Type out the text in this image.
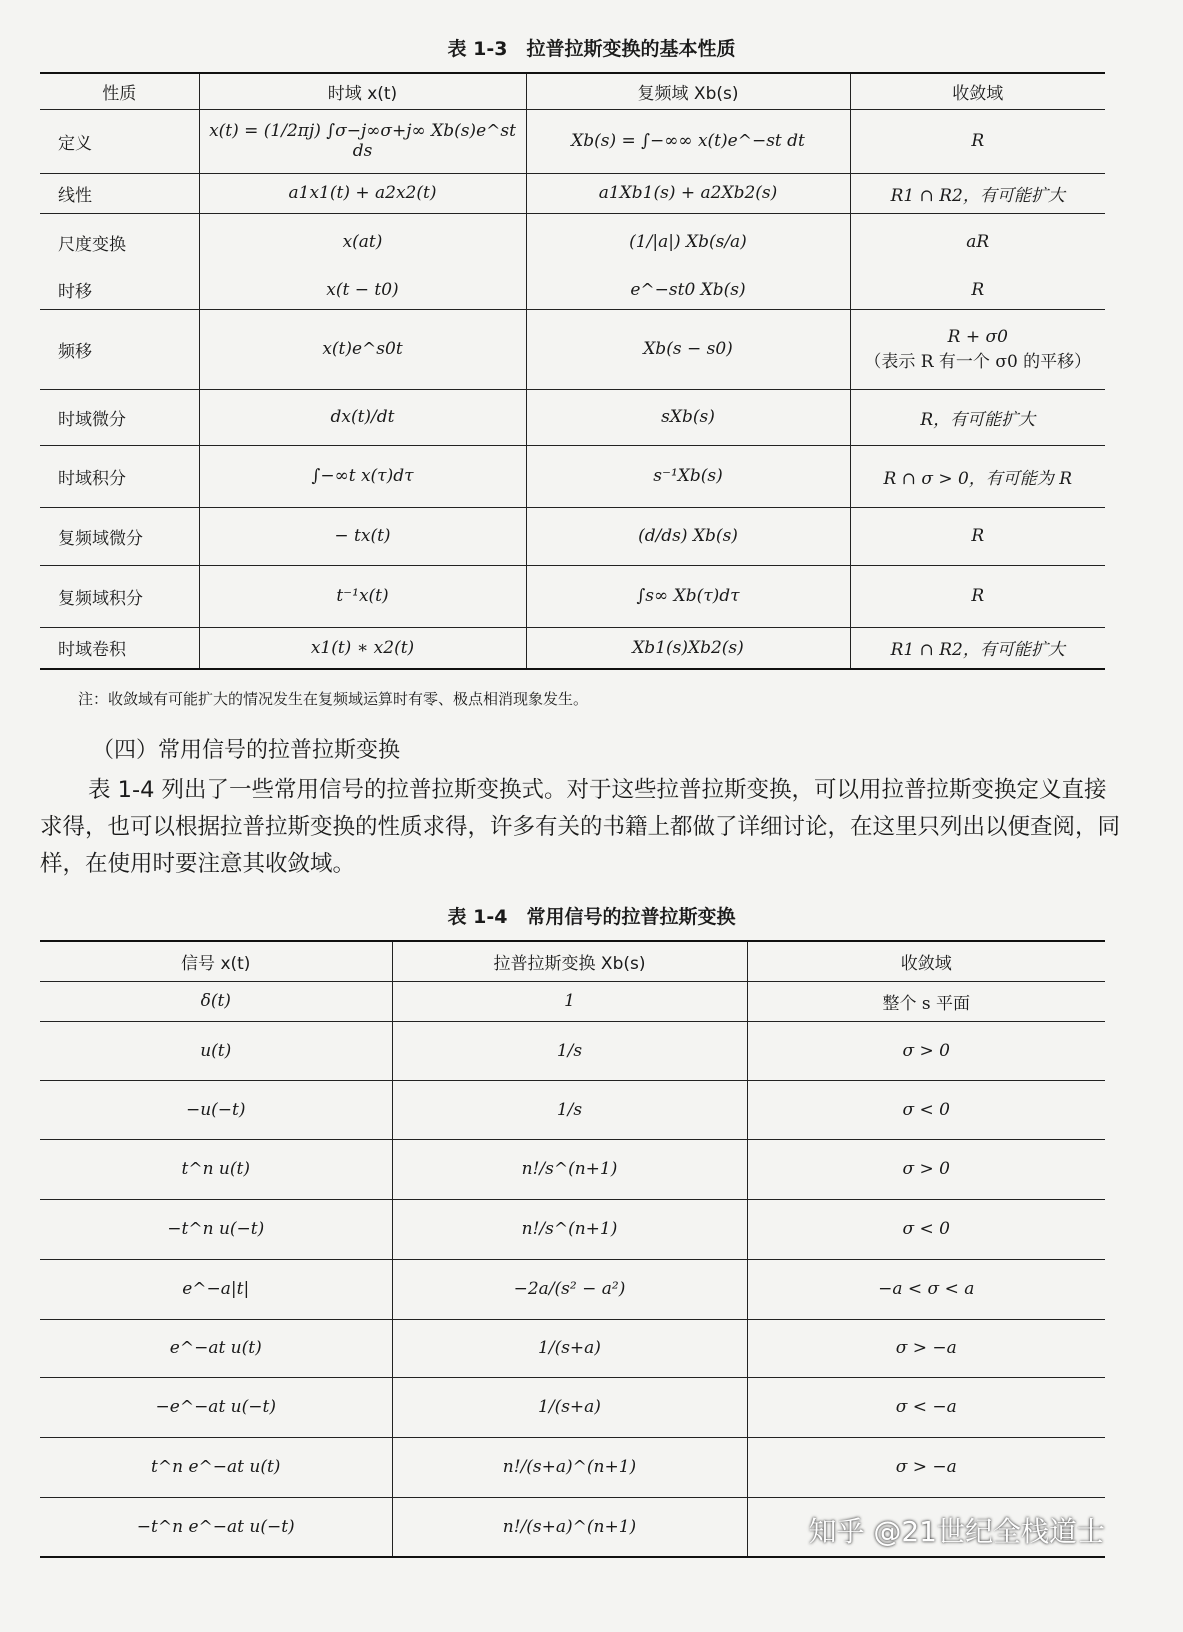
表 1-3　拉普拉斯变换的基本性质
性质	时域 x(t)	复频域 Xb(s)	收敛域
定义	x(t) = (1/2πj) ∫σ−j∞σ+j∞ Xb(s)e^st ds	Xb(s) = ∫−∞∞ x(t)e^−st dt	R
线性	a1x1(t) + a2x2(t)	a1Xb1(s) + a2Xb2(s)	R1 ∩ R2，有可能扩大
尺度变换	x(at)	(1/|a|) Xb(s/a)	aR
时移	x(t − t0)	e^−st0 Xb(s)	R
频移	x(t)e^s0t	Xb(s − s0)	R + σ0
（表示 R 有一个 σ0 的平移）

时域微分	dx(t)/dt	sXb(s)	R，有可能扩大
时域积分	∫−∞t x(τ)dτ	s⁻¹Xb(s)	R ∩ σ > 0，有可能为 R
复频域微分	− tx(t)	(d/ds) Xb(s)	R
复频域积分	t⁻¹x(t)	∫s∞ Xb(τ)dτ	R
时域卷积	x1(t) ∗ x2(t)	Xb1(s)Xb2(s)	R1 ∩ R2，有可能扩大
注：收敛域有可能扩大的情况发生在复频域运算时有零、极点相消现象发生。
（四）常用信号的拉普拉斯变换
表 1-4 列出了一些常用信号的拉普拉斯变换式。对于这些拉普拉斯变换，可以用拉普拉斯变换定义直接求得，也可以根据拉普拉斯变换的性质求得，许多有关的书籍上都做了详细讨论，在这里只列出以便查阅，同样，在使用时要注意其收敛域。
表 1-4　常用信号的拉普拉斯变换
信号 x(t)	拉普拉斯变换 Xb(s)	收敛域
δ(t)	1	整个 s 平面
u(t)	1/s	σ > 0
−u(−t)	1/s	σ < 0
t^n u(t)	n!/s^(n+1)	σ > 0
−t^n u(−t)	n!/s^(n+1)	σ < 0
e^−a|t|	−2a/(s² − a²)	−a < σ < a
e^−at u(t)	1/(s+a)	σ > −a
−e^−at u(−t)	1/(s+a)	σ < −a
t^n e^−at u(t)	n!/(s+a)^(n+1)	σ > −a
−t^n e^−at u(−t)	n!/(s+a)^(n+1)		知乎 @21世纪全栈道士
